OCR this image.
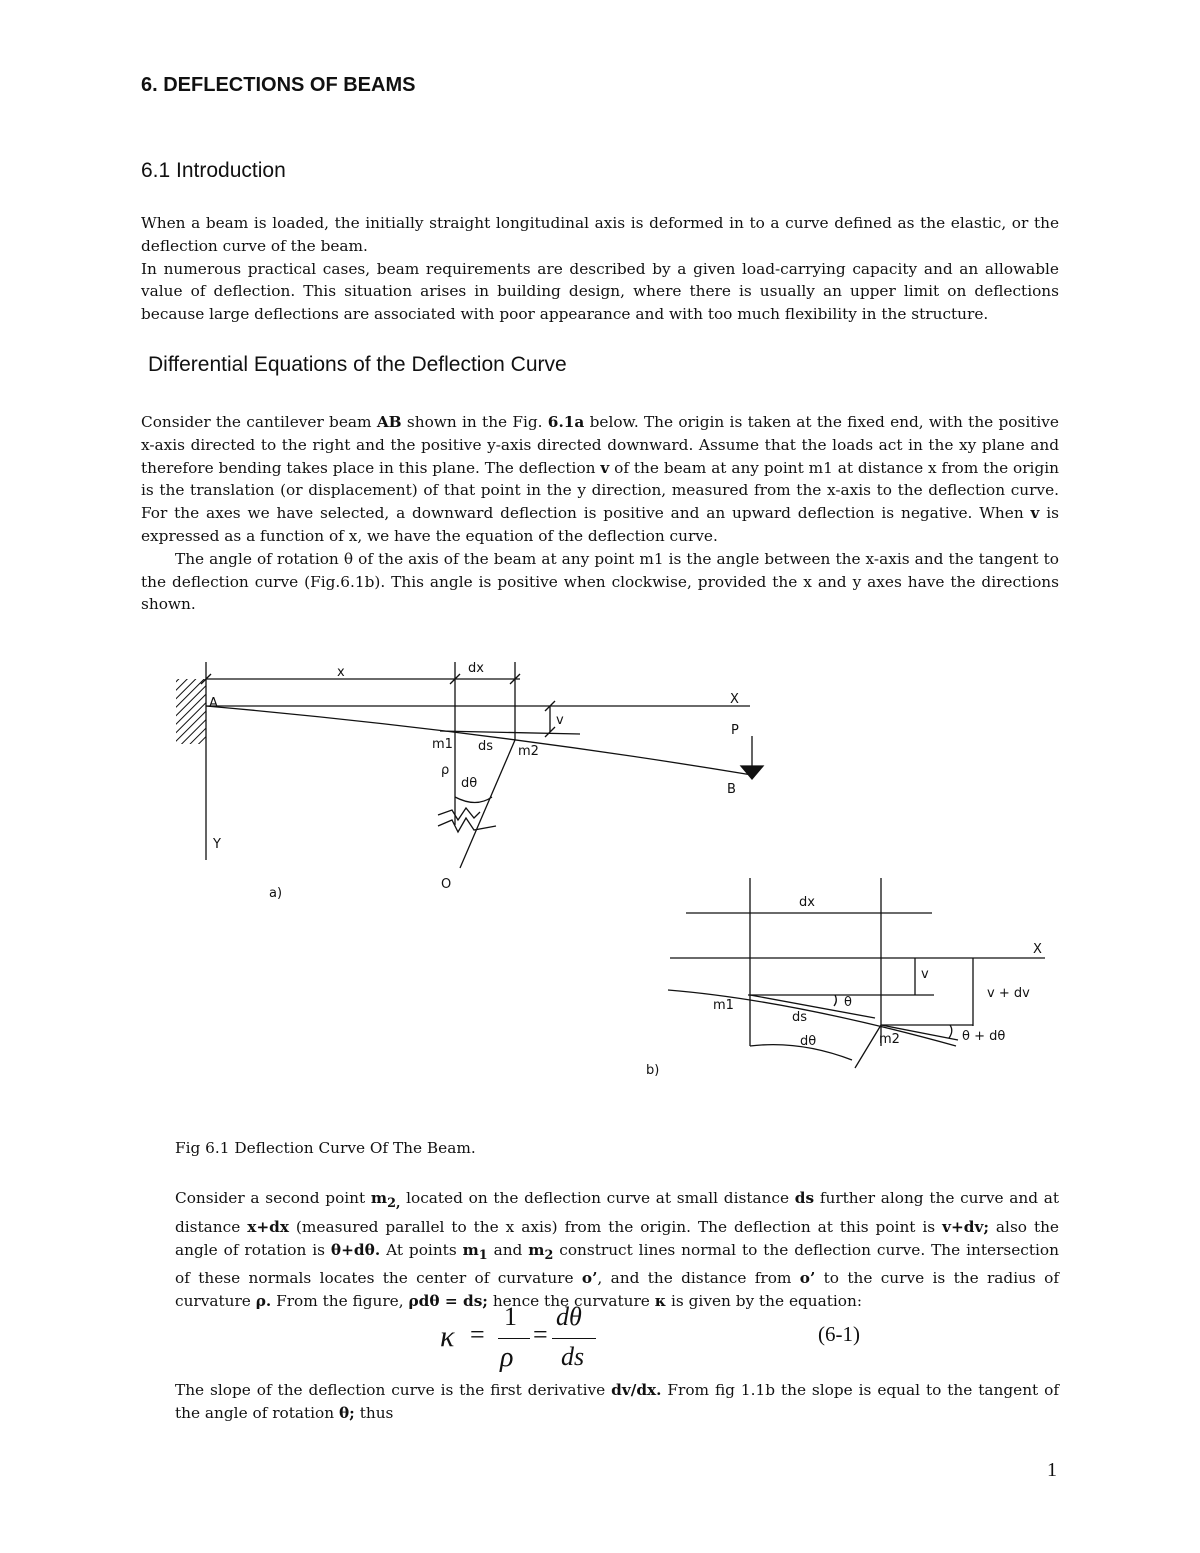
6. DEFLECTIONS OF BEAMS
6.1 Introduction

When a beam is loaded, the initially straight longitudinal axis is deformed in to a curve defined as the elastic, or the deflection curve of the beam.

In numerous practical cases, beam requirements are described by a given load-carrying capacity and an allowable value of deflection. This situation arises in building design, where there is usually an upper limit on deflections because large deflections are associated with poor appearance and with too much flexibility in the structure.

Differential Equations of the Deflection Curve

Consider the cantilever beam AB shown in the Fig. 6.1a below. The origin is taken at the fixed end, with the positive x-axis directed to the right and the positive y-axis directed downward. Assume that the loads act in the xy plane and therefore bending takes place in this plane. The deflection v of the beam at any point m1 at distance x from the origin is the translation (or displacement) of that point in the y direction, measured from the x-axis to the deflection curve. For the axes we have selected, a downward deflection is positive and an upward deflection is negative. When v is expressed as a function of x, we have the equation of the deflection curve.

The angle of rotation θ of the axis of the beam at any point m1 is the angle between the x-axis and the tangent to the deflection curve (Fig.6.1b). This angle is positive when clockwise, provided the x and y axes have the directions shown.

x	dx
X
A
v
P
m1 ds m2
ρ
dθ	B
Y
O
a)
dx
X
v
v + dv
θ
m1
ds
dθ	m2	θ + dθ
b)
Fig 6.1 Deflection Curve Of The Beam.

Consider a second point $m_{2,}$ located on the deflection curve at small distance ds further along the curve and at distance x+dx (measured parallel to the x axis) from the origin. The deflection at this point is v+dv; also the angle of rotation is θ+dθ. At points $m_1$ and $m_2$ construct lines normal to the deflection curve. The intersection of these normals locates the center of curvature o’, and the distance from o’ to the curve is the radius of curvature ρ. From the figure, ρdθ = ds; hence the curvature κ is given by the equation:

κ =
1
ρ
=
dθ
ds
(6-1)

The slope of the deflection curve is the first derivative dv/dx. From fig 1.1b the slope is equal to the tangent of the angle of rotation θ; thus

1
